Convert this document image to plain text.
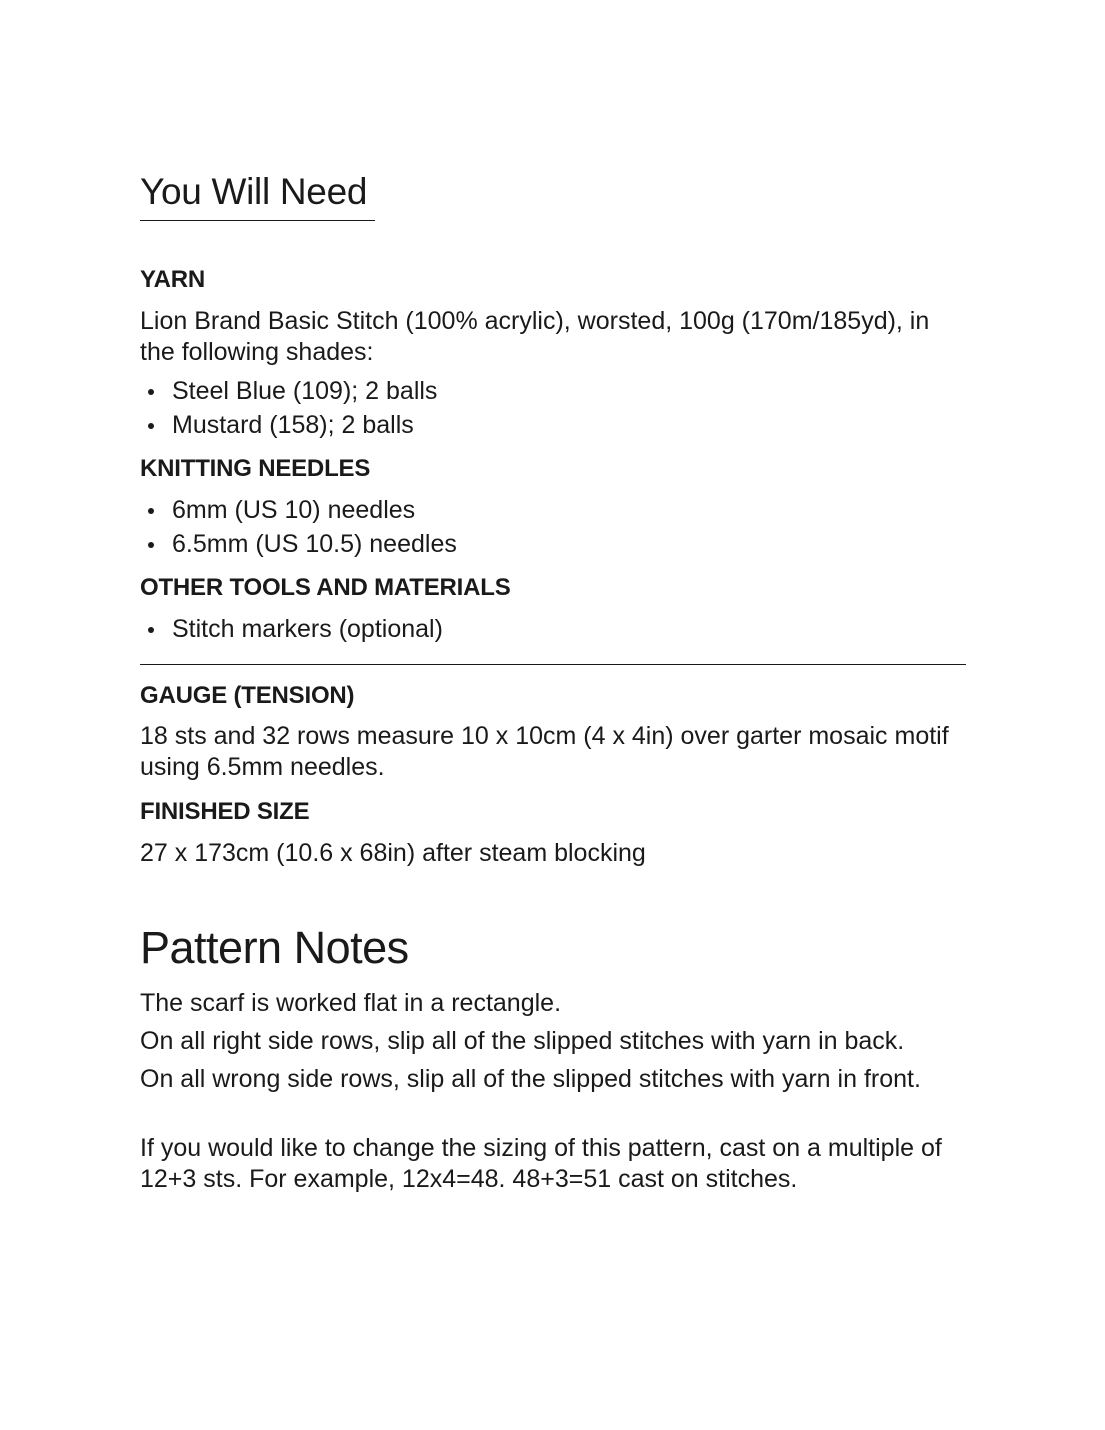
You Will Need
YARN

Lion Brand Basic Stitch (100% acrylic), worsted, 100g (170m/185yd), in the following shades:

Steel Blue (109); 2 balls
Mustard (158); 2 balls
KNITTING NEEDLES
6mm (US 10) needles
6.5mm (US 10.5) needles
OTHER TOOLS AND MATERIALS
Stitch markers (optional)
GAUGE (TENSION)

18 sts and 32 rows measure 10 x 10cm (4 x 4in) over garter mosaic motif using 6.5mm needles.

FINISHED SIZE

27 x 173cm (10.6 x 68in) after steam blocking

Pattern Notes

The scarf is worked flat in a rectangle.

On all right side rows, slip all of the slipped stitches with yarn in back.

On all wrong side rows, slip all of the slipped stitches with yarn in front.

If you would like to change the sizing of this pattern, cast on a multiple of 12+3 sts. For example, 12x4=48. 48+3=51 cast on stitches.
